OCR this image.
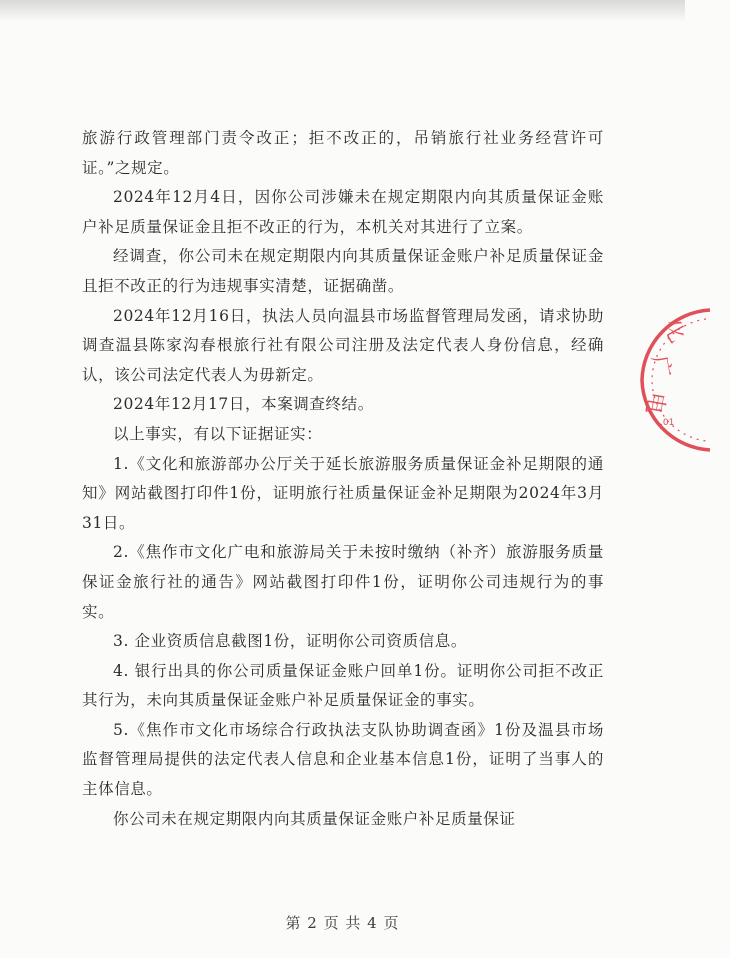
旅游行政管理部门责令改正；拒不改正的，吊销旅行社业务经营许可证。”之规定。

2024年12月4日，因你公司涉嫌未在规定期限内向其质量保证金账户补足质量保证金且拒不改正的行为，本机关对其进行了立案。

经调查，你公司未在规定期限内向其质量保证金账户补足质量保证金且拒不改正的行为违规事实清楚，证据确凿。

2024年12月16日，执法人员向温县市场监督管理局发函，请求协助调查温县陈家沟春根旅行社有限公司注册及法定代表人身份信息，经确认，该公司法定代表人为毋新定。

2024年12月17日，本案调查终结。

以上事实，有以下证据证实：

1.《文化和旅游部办公厅关于延长旅游服务质量保证金补足期限的通知》网站截图打印件1份，证明旅行社质量保证金补足期限为2024年3月31日。

2.《焦作市文化广电和旅游局关于未按时缴纳（补齐）旅游服务质量保证金旅行社的通告》网站截图打印件1份，证明你公司违规行为的事实。

3. 企业资质信息截图1份，证明你公司资质信息。

4. 银行出具的你公司质量保证金账户回单1份。证明你公司拒不改正其行为，未向其质量保证金账户补足质量保证金的事实。

5.《焦作市文化市场综合行政执法支队协助调查函》1份及温县市场监督管理局提供的法定代表人信息和企业基本信息1份，证明了当事人的主体信息。

你公司未在规定期限内向其质量保证金账户补足质量保证

化
广
电
.01
第 2 页 共 4 页
